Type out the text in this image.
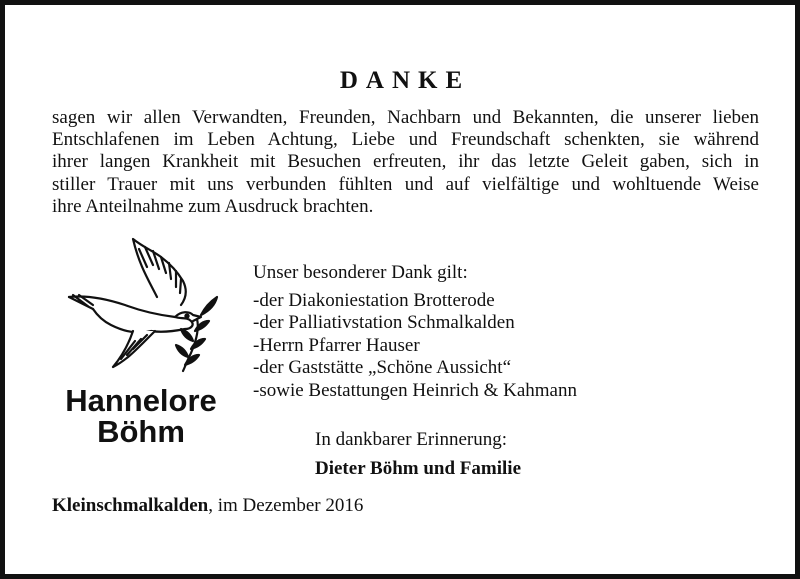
DANKE
sagen wir allen Verwandten, Freunden, Nachbarn und Bekannten, die unserer lieben
Entschlafenen im Leben Achtung, Liebe und Freundschaft schenkten, sie während
ihrer langen Krankheit mit Besuchen erfreuten, ihr das letzte Geleit gaben, sich in
stiller Trauer mit uns verbunden fühlten und auf vielfältige und wohltuende Weise
ihre Anteilnahme zum Ausdruck brachten.
Hannelore
Böhm
Unser besonderer Dank gilt:
-der Diakoniestation Brotterode
-der Palliativstation Schmalkalden
-Herrn Pfarrer Hauser
-der Gaststätte „Schöne Aussicht“
-sowie Bestattungen Heinrich & Kahmann
In dankbarer Erinnerung:
Dieter Böhm und Familie
Kleinschmalkalden, im Dezember 2016
